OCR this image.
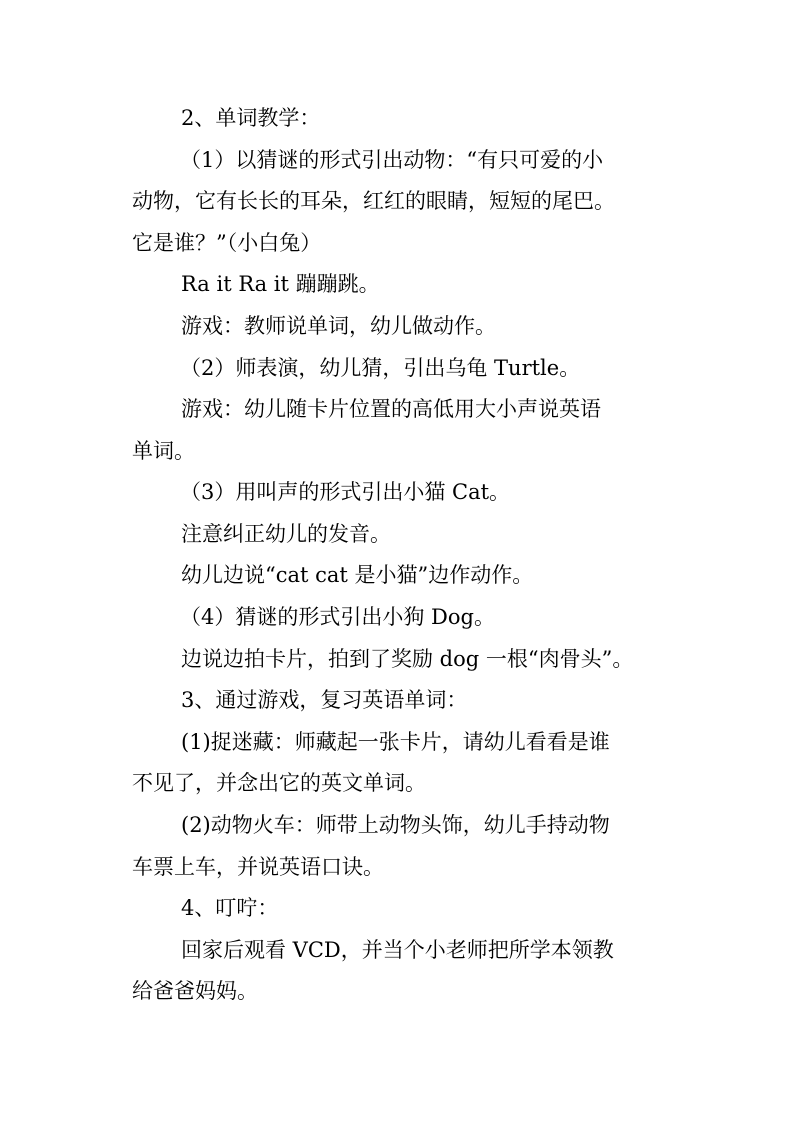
2、单词教学：
（1）以猜谜的形式引出动物：“有只可爱的小
动物，它有长长的耳朵，红红的眼睛，短短的尾巴。
它是谁？”（小白兔）
Ra it Ra it 蹦蹦跳。
游戏：教师说单词，幼儿做动作。
（2）师表演，幼儿猜，引出乌龟 Turtle。
游戏：幼儿随卡片位置的高低用大小声说英语
单词。
（3）用叫声的形式引出小猫 Cat。
注意纠正幼儿的发音。
幼儿边说“cat cat 是小猫”边作动作。
（4）猜谜的形式引出小狗 Dog。
边说边拍卡片，拍到了奖励 dog 一根“肉骨头”。
3、通过游戏，复习英语单词：
(1)捉迷藏：师藏起一张卡片，请幼儿看看是谁
不见了，并念出它的英文单词。
(2)动物火车：师带上动物头饰，幼儿手持动物
车票上车，并说英语口诀。
4、叮咛：
回家后观看 VCD，并当个小老师把所学本领教
给爸爸妈妈。
